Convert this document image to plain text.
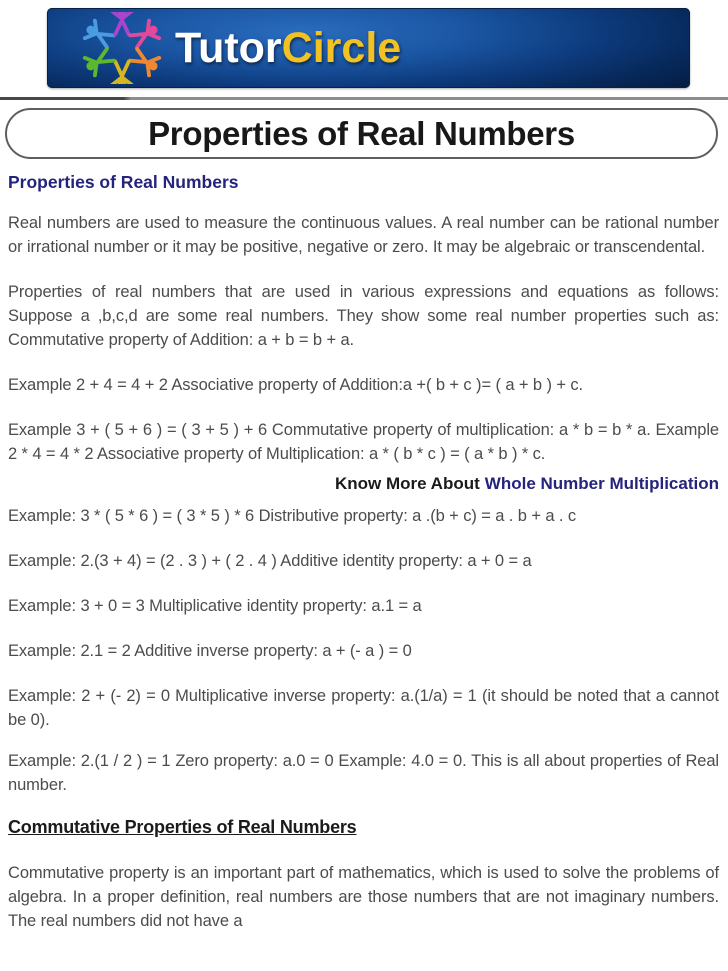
TutorCircle
Properties of Real Numbers
Properties of Real Numbers

Real numbers are used to measure the continuous values. A real number can be rational number or irrational number or it may be positive, negative or zero. It may be algebraic or transcendental.

Properties of real numbers that are used in various expressions and equations as follows: Suppose a ,b,c,d are some real numbers. They show some real number properties such as: Commutative property of Addition: a + b = b + a.

Example 2 + 4 = 4 + 2 Associative property of Addition:a +( b + c )= ( a + b ) + c.

Example 3 + ( 5 + 6 ) = ( 3 + 5 ) + 6 Commutative property of multiplication: a * b = b * a. Example 2 * 4 = 4 * 2 Associative property of Multiplication: a * ( b * c ) = ( a * b ) * c.

Know More About Whole Number Multiplication

Example: 3 * ( 5 * 6 ) = ( 3 * 5 ) * 6 Distributive property: a .(b + c) = a . b + a . c

Example: 2.(3 + 4) = (2 . 3 ) + ( 2 . 4 ) Additive identity property: a + 0 = a

Example: 3 + 0 = 3 Multiplicative identity property: a.1 = a

Example: 2.1 = 2 Additive inverse property: a + (- a ) = 0

Example: 2 + (- 2) = 0 Multiplicative inverse property: a.(1/a) = 1 (it should be noted that a cannot be 0).

Example: 2.(1 / 2 ) = 1 Zero property: a.0 = 0 Example: 4.0 = 0. This is all about properties of Real number.

Commutative Properties of Real Numbers

Commutative property is an important part of mathematics, which is used to solve the problems of algebra. In a proper definition, real numbers are those numbers that are not imaginary numbers. The real numbers did not have a
